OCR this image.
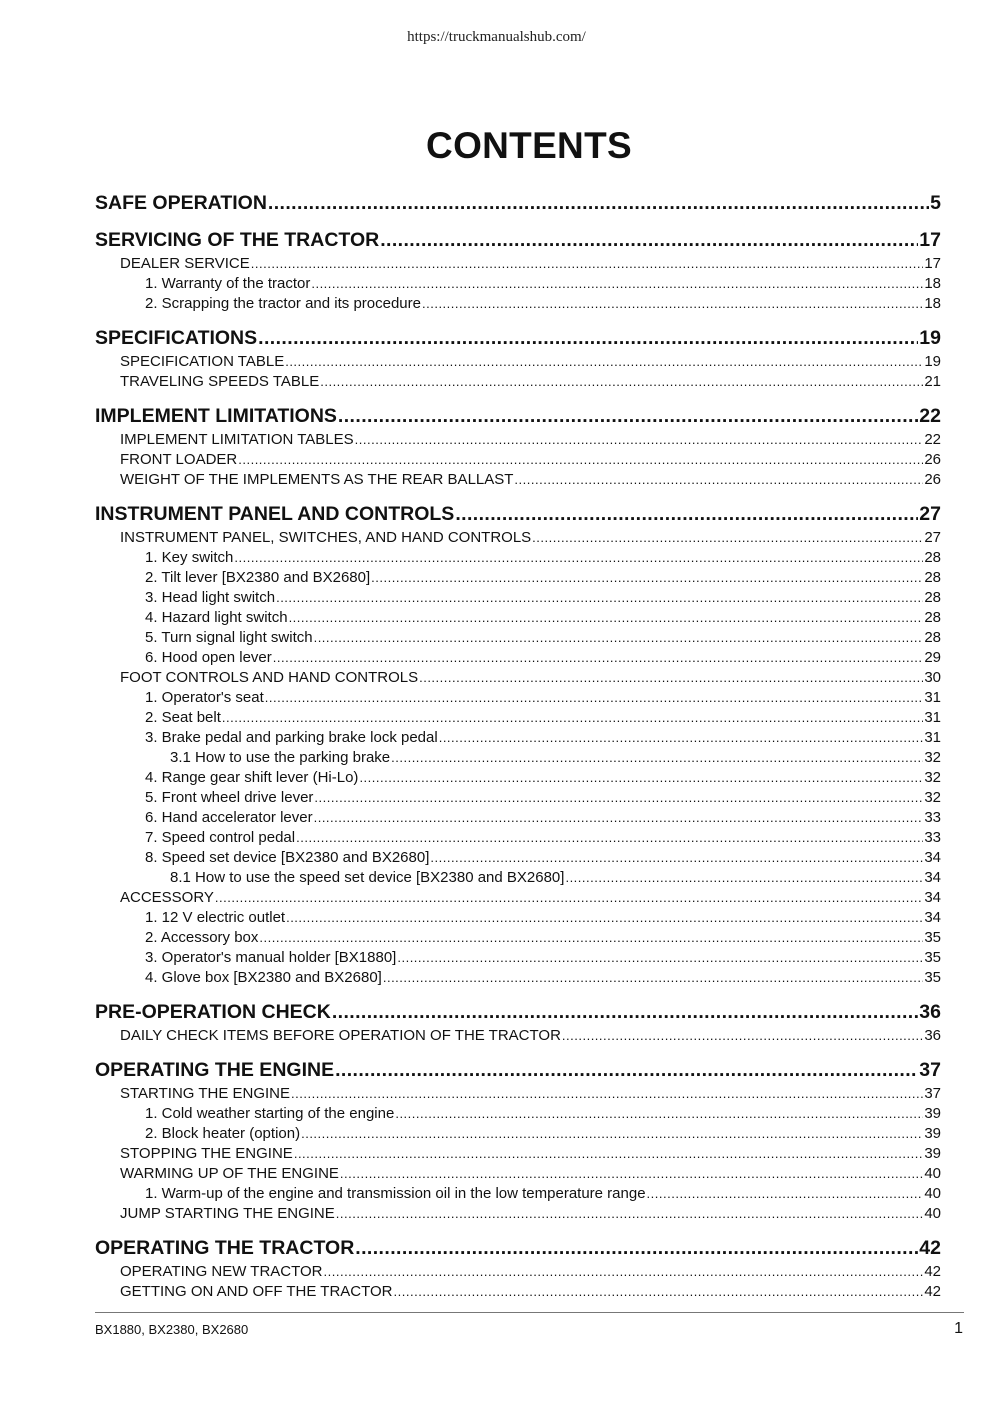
https://truckmanualshub.com/
CONTENTS
SAFE OPERATION .....	5
SERVICING OF THE TRACTOR .....	17
DEALER SERVICE .....	17
1. Warranty of the tractor .....	18
2. Scrapping the tractor and its procedure .....	18
SPECIFICATIONS .....	19
SPECIFICATION TABLE .....	19
TRAVELING SPEEDS TABLE .....	21
IMPLEMENT LIMITATIONS .....	22
IMPLEMENT LIMITATION TABLES .....	22
FRONT LOADER .....	26
WEIGHT OF THE IMPLEMENTS AS THE REAR BALLAST .....	26
INSTRUMENT PANEL AND CONTROLS .....	27
INSTRUMENT PANEL, SWITCHES, AND HAND CONTROLS .....	27
1. Key switch .....	28
2. Tilt lever [BX2380 and BX2680] .....	28
3. Head light switch .....	28
4. Hazard light switch .....	28
5. Turn signal light switch .....	28
6. Hood open lever .....	29
FOOT CONTROLS AND HAND CONTROLS .....	30
1. Operator's seat .....	31
2. Seat belt .....	31
3. Brake pedal and parking brake lock pedal .....	31
3.1 How to use the parking brake .....	32
4. Range gear shift lever (Hi-Lo) .....	32
5. Front wheel drive lever .....	32
6. Hand accelerator lever .....	33
7. Speed control pedal .....	33
8. Speed set device [BX2380 and BX2680] .....	34
8.1 How to use the speed set device [BX2380 and BX2680] .....	34
ACCESSORY .....	34
1. 12 V electric outlet .....	34
2. Accessory box .....	35
3. Operator's manual holder [BX1880] .....	35
4. Glove box [BX2380 and BX2680] .....	35
PRE-OPERATION CHECK .....	36
DAILY CHECK ITEMS BEFORE OPERATION OF THE TRACTOR .....	36
OPERATING THE ENGINE .....	37
STARTING THE ENGINE .....	37
1. Cold weather starting of the engine .....	39
2. Block heater (option) .....	39
STOPPING THE ENGINE .....	39
WARMING UP OF THE ENGINE .....	40
1. Warm-up of the engine and transmission oil in the low temperature range .....	40
JUMP STARTING THE ENGINE .....	40
OPERATING THE TRACTOR .....	42
OPERATING NEW TRACTOR .....	42
GETTING ON AND OFF THE TRACTOR .....	42
BX1880, BX2380, BX2680	1
